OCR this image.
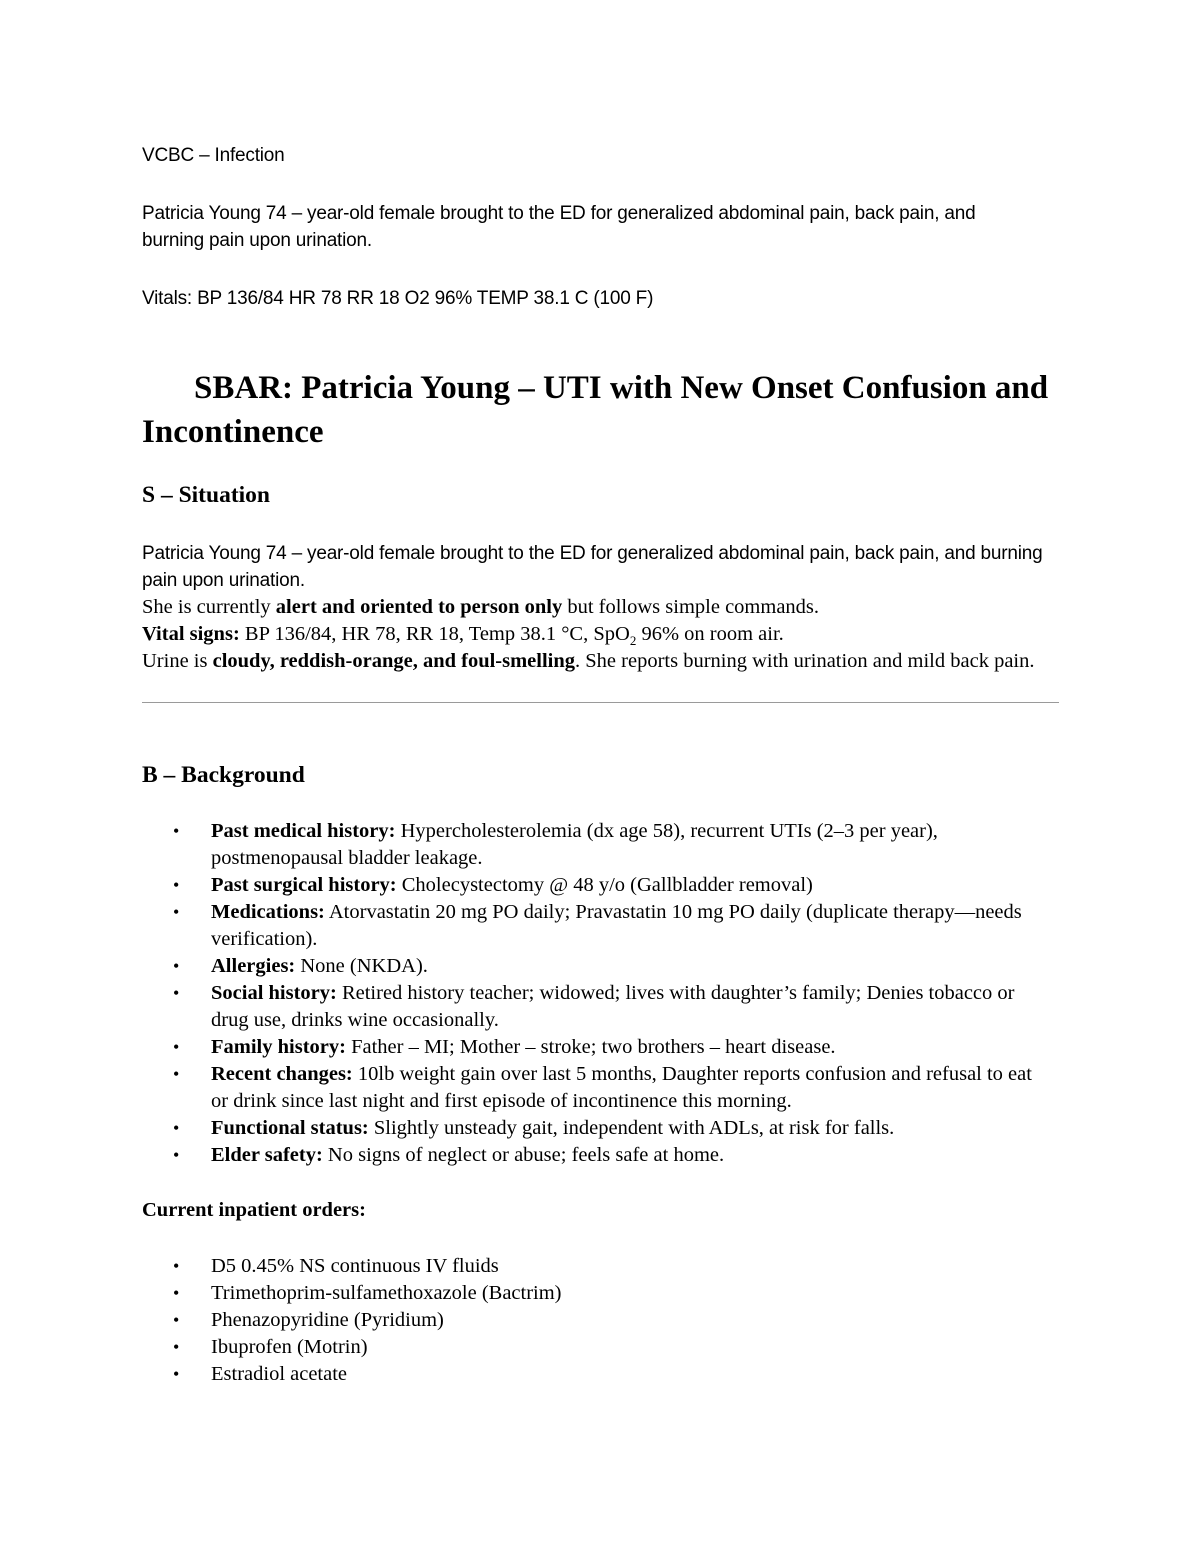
VCBC – Infection

Patricia Young 74 – year-old female brought to the ED for generalized abdominal pain, back pain, and burning pain upon urination.

Vitals: BP 136/84 HR 78 RR 18 O2 96% TEMP 38.1 C (100 F)

SBAR: Patricia Young – UTI with New Onset Confusion and Incontinence
S – Situation
Patricia Young 74 – year-old female brought to the ED for generalized abdominal pain, back pain, and burning pain upon urination.
She is currently alert and oriented to person only but follows simple commands.
Vital signs: BP 136/84, HR 78, RR 18, Temp 38.1 °C, SpO$_2$ 96% on room air.
Urine is cloudy, reddish-orange, and foul-smelling. She reports burning with urination and mild back pain.
B – Background
• Past medical history: Hypercholesterolemia (dx age 58), recurrent UTIs (2–3 per year), postmenopausal bladder leakage.
• Past surgical history: Cholecystectomy @ 48 y/o (Gallbladder removal)
• Medications: Atorvastatin 20 mg PO daily; Pravastatin 10 mg PO daily (duplicate therapy—needs verification).
• Allergies: None (NKDA).
• Social history: Retired history teacher; widowed; lives with daughter’s family; Denies tobacco or drug use, drinks wine occasionally.
• Family history: Father – MI; Mother – stroke; two brothers – heart disease.
• Recent changes: 10lb weight gain over last 5 months, Daughter reports confusion and refusal to eat or drink since last night and first episode of incontinence this morning.
• Functional status: Slightly unsteady gait, independent with ADLs, at risk for falls.
• Elder safety: No signs of neglect or abuse; feels safe at home.

Current inpatient orders:

• D5 0.45% NS continuous IV fluids
• Trimethoprim-sulfamethoxazole (Bactrim)
• Phenazopyridine (Pyridium)
• Ibuprofen (Motrin)
• Estradiol acetate
